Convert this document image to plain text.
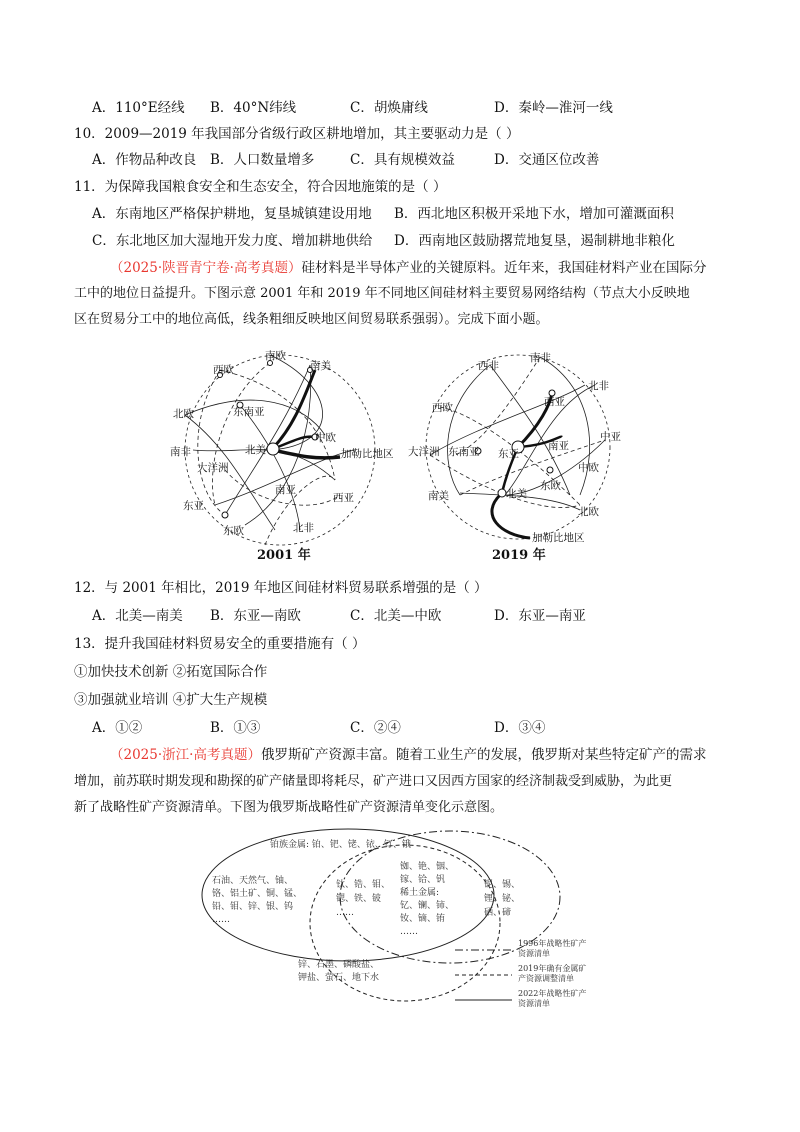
A．110°E经线 B．40°N纬线	C．胡焕庸线	D．秦岭—淮河一线
10．2009—2019 年我国部分省级行政区耕地增加，其主要驱动力是（ ）
A．作物品种改良 B．人口数量增多	C．具有规模效益	D．交通区位改善
11．为保障我国粮食安全和生态安全，符合因地施策的是（ ）
A．东南地区严格保护耕地，复垦城镇建设用地 B．西北地区积极开采地下水，增加可灌溉面积
C．东北地区加大湿地开发力度、增加耕地供给 D．西南地区鼓励撂荒地复垦，遏制耕地非粮化
（2025·陕晋青宁卷·高考真题）硅材料是半导体产业的关键原料。近年来，我国硅材料产业在国际分
工中的地位日益提升。下图示意 2001 年和 2019 年不同地区间硅材料主要贸易网络结构（节点大小反映地
区在贸易分工中的地位高低，线条粗细反映地区间贸易联系强弱）。完成下面小题。
南欧
南美
西欧
东南亚
北欧
中欧
南非	北美	加勒比地区
大洋洲
南亚
西亚
东亚
东欧	北非
2001 年
西非
南非
北非
西亚
西欧
中亚
南亚
大洋洲 东南亚 东亚
中欧
东欧
南美	北美
北欧
加勒比地区
2019 年
12．与 2001 年相比，2019 年地区间硅材料贸易联系增强的是（ ）
A．北美—南美 B．东亚—南欧	C．北美—中欧	D．东亚—南亚
13．提升我国硅材料贸易安全的重要措施有（ ）
①加快技术创新 ②拓宽国际合作
③加强就业培训 ④扩大生产规模
A．①②	B．①③	C．②④	D．③④
（2025·浙江·高考真题）俄罗斯矿产资源丰富。随着工业生产的发展，俄罗斯对某些特定矿产的需求
增加，前苏联时期发现和勘探的矿产储量即将耗尽，矿产进口又因西方国家的经济制裁受到威胁，为此更
新了战略性矿产资源清单。下图为俄罗斯战略性矿产资源清单变化示意图。
铂族金属: 铂、钯、铑、铱、钌、锇
石油、天然气、铀、
铬、铝土矿、铜、锰、
铅、钼、锌、银、钨
……
钛、锆、钼、
锶、铁、铍
……
铷、铯、铟、
镓、铪、钒
稀土金属:
钇、镧、铈、
钕、镝、铕
……
铌、锡、
锂、铋、
硒、碲
锌、石墨、磷酸盐、
钾盐、萤石、地下水
1996年战略性矿产
资源清单
2019年确有金属矿
产资源调整清单
2022年战略性矿产
资源清单
